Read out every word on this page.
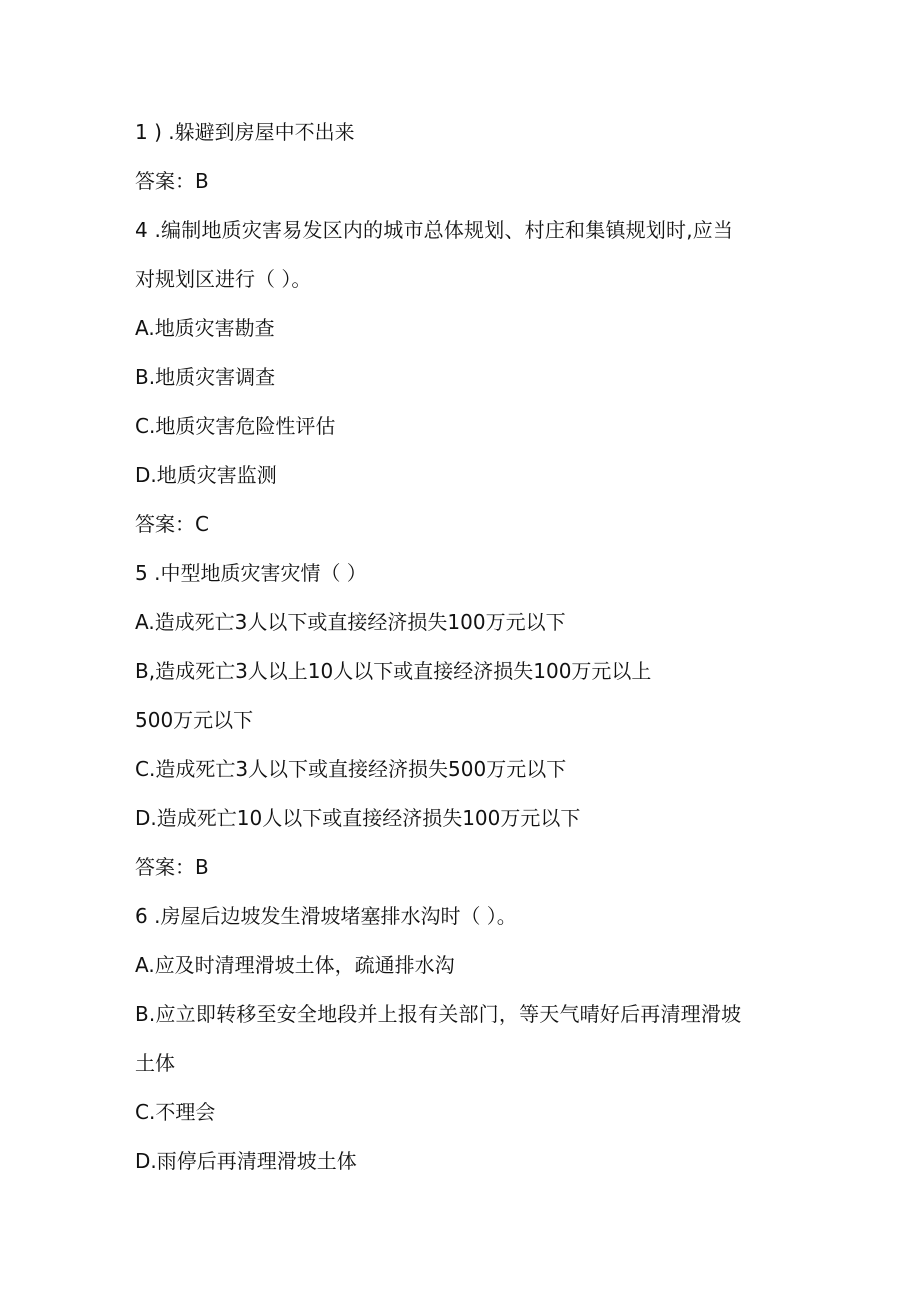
1 ) .躲避到房屋中不出来
答案：B
4 .编制地质灾害易发区内的城市总体规划、村庄和集镇规划时,应当
对规划区进行（ ）。
A.地质灾害勘查
B.地质灾害调查
C.地质灾害危险性评估
D.地质灾害监测
答案：C
5 .中型地质灾害灾情（ ）
A.造成死亡3人以下或直接经济损失100万元以下
B,造成死亡3人以上10人以下或直接经济损失100万元以上
500万元以下
C.造成死亡3人以下或直接经济损失500万元以下
D.造成死亡10人以下或直接经济损失100万元以下
答案：B
6 .房屋后边坡发生滑坡堵塞排水沟时（ ）。
A.应及时清理滑坡土体，疏通排水沟
B.应立即转移至安全地段并上报有关部门，等天气晴好后再清理滑坡
土体
C.不理会
D.雨停后再清理滑坡土体
